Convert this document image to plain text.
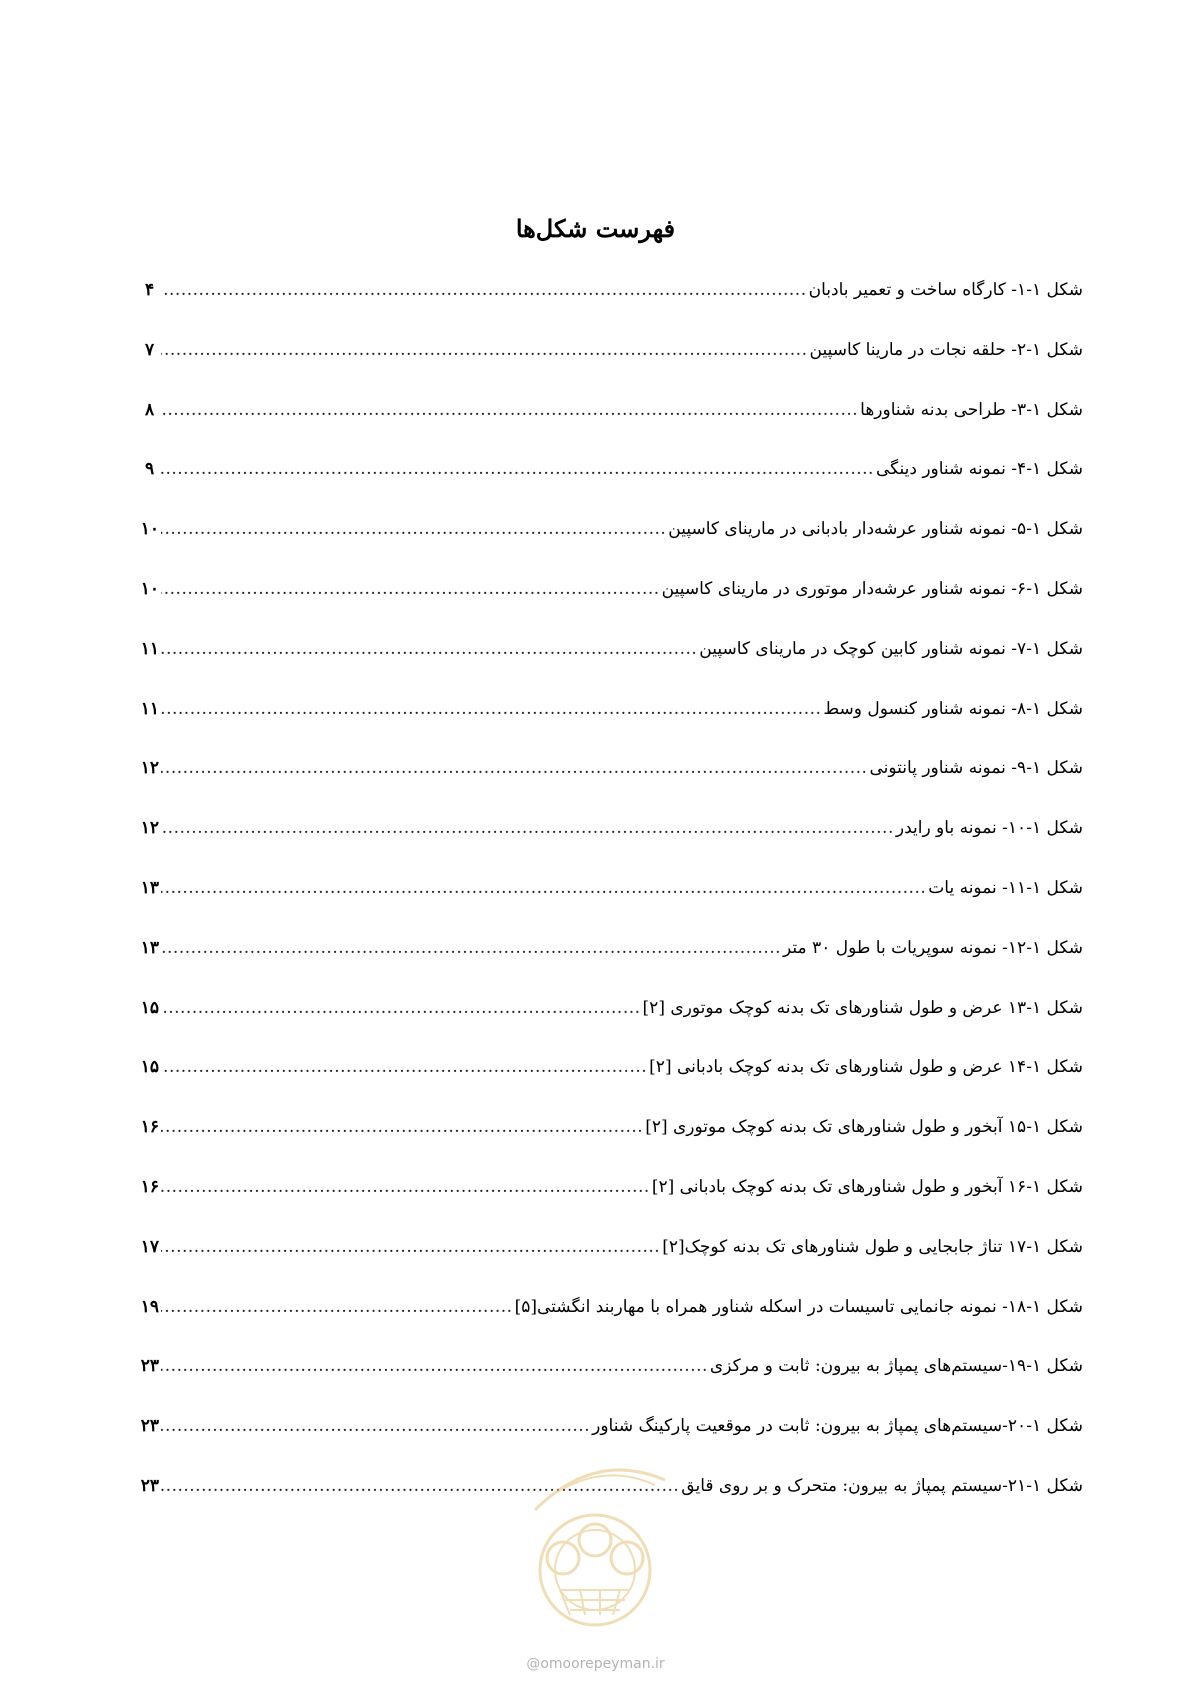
فهرست شکل‌ها
شکل ۱-۱- کارگاه ساخت و تعمیر بادبان
.....
۴
شکل ۱-۲- حلقه نجات در مارینا کاسپین
.....
۷
شکل ۱-۳- طراحی بدنه شناورها
.....
۸
شکل ۱-۴- نمونه شناور دینگی
.....
۹
شکل ۱-۵- نمونه شناور عرشه‌دار بادبانی در مارینای کاسپین
.....
۱۰
شکل ۱-۶- نمونه شناور عرشه‌دار موتوری در مارینای کاسپین
.....
۱۰
شکل ۱-۷- نمونه شناور کابین کوچک در مارینای کاسپین
.....
۱۱
شکل ۱-۸- نمونه شناور کنسول وسط
.....
۱۱
شکل ۱-۹- نمونه شناور پانتونی
.....
۱۲
شکل ۱-۱۰- نمونه باو رایدر
.....
۱۲
شکل ۱-۱۱- نمونه یات
.....
۱۳
شکل ۱-۱۲- نمونه سوپریات با طول ۳۰ متر
.....
۱۳
شکل ۱-۱۳ عرض و طول شناورهای تک بدنه کوچک موتوری [۲]
.....
۱۵
شکل ۱-۱۴ عرض و طول شناورهای تک بدنه کوچک بادبانی [۲]
.....
۱۵
شکل ۱-۱۵ آبخور و طول شناورهای تک بدنه کوچک موتوری [۲]
.....
۱۶
شکل ۱-۱۶ آبخور و طول شناورهای تک بدنه کوچک بادبانی [۲]
.....
۱۶
شکل ۱-۱۷ تناژ جابجایی و طول شناورهای تک بدنه کوچک[۲]
.....
۱۷
شکل ۱-۱۸- نمونه جانمایی تاسیسات در اسکله شناور همراه با مهاربند انگشتی[۵]
.....
۱۹
شکل ۱-۱۹-سیستم‌های پمپاژ به بیرون: ثابت و مرکزی
.....
۲۳
شکل ۱-۲۰-سیستم‌های پمپاژ به بیرون: ثابت در موقعیت پارکینگ شناور
.....
۲۳
شکل ۱-۲۱-سیستم پمپاژ به بیرون: متحرک و بر روی قایق
.....
۲۳
@omoorepeyman.ir
